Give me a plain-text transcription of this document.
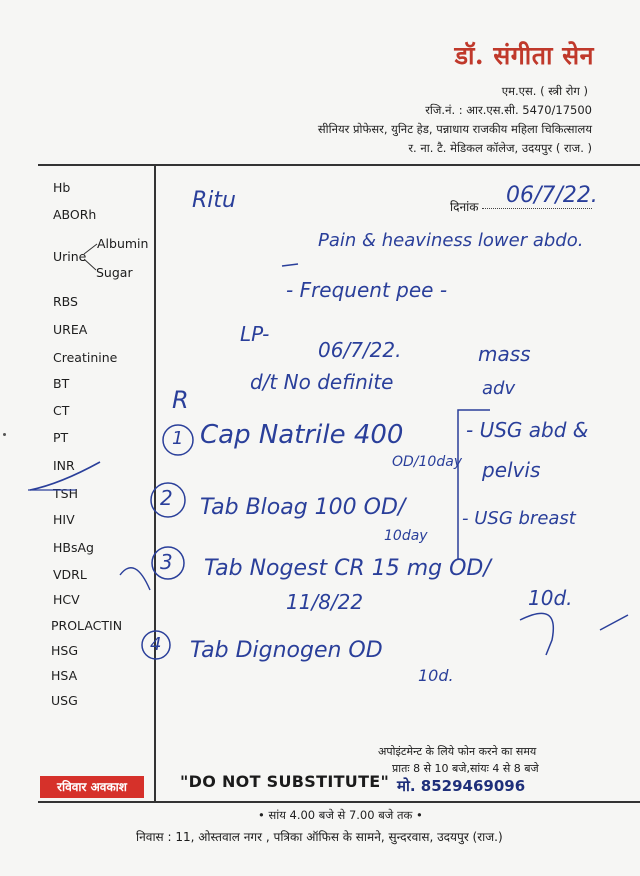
डॉ. संगीता सेन
एम.एस. ( स्त्री रोग )
रजि.नं. : आर.एस.सी. 5470/17500
सीनियर प्रोफेसर, युनिट हेड, पन्नाधाय राजकीय महिला चिकित्सालय
र. ना. टै. मेडिकल कॉलेज, उदयपुर ( राज. )
Hb
ABORh
Urine
Albumin
Sugar
RBS
UREA
Creatinine
BT
CT
PT
INR
TSH
HIV
HBsAg
VDRL
HCV
PROLACTIN
HSG
HSA
USG
दिनांक
Ritu	06/7/22.
Pain & heaviness lower abdo.
- Frequent pee -
LP-
06/7/22.	mass
d/t No definite	adv
R
1 Cap Natrile 400
OD/10day
- USG abd &
pelvis
2 Tab Bloag 100 OD/
10day
- USG breast
3 Tab Nogest CR 15 mg OD/
11/8/22	10d.
4 Tab Dignogen OD
10d.
अपोइंटमेन्ट के लिये फोन करने का समय
प्रातः 8 से 10 बजे,सांयः 4 से 8 बजे
मो. 8529469096
रविवार अवकाश	"DO NOT SUBSTITUTE"
• सांय 4.00 बजे से 7.00 बजे तक •
निवास : 11, ओस्तवाल नगर , पत्रिका ऑफिस के सामने, सुन्दरवास, उदयपुर (राज.)
